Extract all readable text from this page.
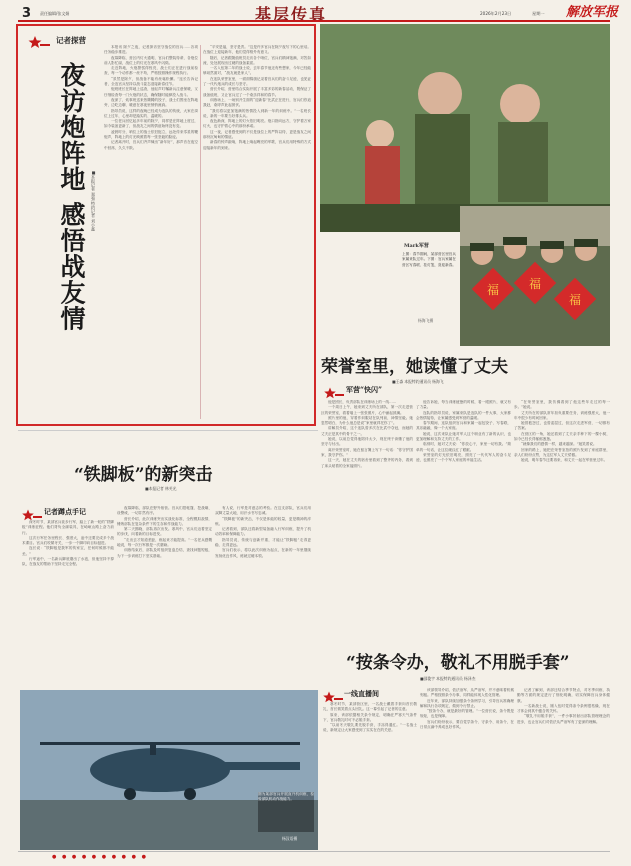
3 责任编辑/张文娟	基层传真	2026年2月23日	星期一 解放军报
记者探营
夜访炮阵地 感悟战友情 ■本报记者 郑强 特约记者 刘小鑫

本报讯 除夕之夜，记者探访坚守战位的官兵……各项任务稳步推进。

夜幕降临，营区内灯火通明，官兵们整装待命，各炮位前人影忙碌，战位上的灯光在寒风中闪烁。

走近阵地，火炮擦拭得锃亮，战士们正在进行战前检查，每一个动作都一丝不苟，严格按照操作规程执行。

“虽然是除夕，但战备不能有丝毫松懈。”连长告诉记者，全连官兵坚持以战斗姿态迎接新春佳节。

炮班班长在阵地上巡查，他轻声叮嘱新兵注意保暖，又仔细检查每一门火炮的状态，确保随时能够投入战斗。

夜深了，炊事班送来热腾腾的饺子，战士们围坐在阵地旁，边吃边聊，暖意在寒夜里悄悄流淌。

指导员说，这样的夜晚已经成为连队的传统，大家在岗位上过年，心里却是踏实的、温暖的。

一位老兵回忆起多年前的除夕，同样是在阵地上度过，如今装备更新了，但战友之间的情谊始终没有变。

凌晨时分，哨位上的战士依旧挺立，远处传来零星的鞭炮声，阵地上的灯光映照着每一张坚毅的脸庞。

记者离开时，官兵们齐声喊出“新年好”，那声音在夜空中回荡，久久不散。

“平安是福，坚守是责。”这是许多官兵在除夕夜写下的心里话。在战位上迎接新年，他们觉得格外有意义。

随后，记者跟随值班员走访各个哨位，官兵们精神饱满，对答如流，处处展现出过硬的战备素质。

一名入伍第二年的战士说，去年春节他还有些想家，今年已经能够坦然面对，“战友就是家人”。

在连队荣誉室里，一面面锦旗记录着官兵们的奋斗足迹，也见证了一代代炮兵的成长与坚守。

营长介绍，营里结合实际开展了丰富多彩的新春活动，既保证了战备值班，又让官兵过了一个欢乐祥和的春节。

训练场上，一场别开生面的“迎新春”比武正在进行，官兵们你追我赶，欢呼声此起彼伏。

“我们将以更加饱满的热情投入到新一年的训练中。”一名班长说，新的一年要当好排头兵。

夜色渐深，阵地上的灯火依旧明亮。炮口指向远方，守护着万家灯火，也守护着心中的那份承诺。

这一夜，记者感受到的不仅是战位上的严阵以待，更是战友之间那份沉甸甸的情谊。

新春的钟声敲响，阵地上响起嘹亮的军歌，官兵们用特殊的方式迎接新年的到来。

福 福
福
Mark军营
上图：春节期间，某部营区里官兵家属来队过年。下图：官兵家属在营区写春联、挂灯笼，喜迎新春。
杨海飞摄
荣誉室里，她读懂了丈夫
■王淼 本报特约通讯员 杨海飞
军营“快闪”

他是团长，负责部队在训练场上的一线……

一个周日上午，她来到丈夫所在部队，第一次走进营区的荣誉室，看着墙上一张张照片，心中涌起波澜。

照片里的他，穿着作训服站在队列前，神情坚毅。她忽然明白，为什么他总是说“家里就拜托你了”。

讲解员介绍，这个连队曾多次在比武中夺冠，而她的丈夫正是其中的骨干之一。

她说，以前总觉得他陪伴太少，现在终于读懂了他的坚守与付出。

离开荣誉室时，她在留言簿上写下一句话：“你守护国家，我守护你。”

这一天，她在丈夫的宿舍里看到了整齐的内务，看到了床头贴着的全家福照片。

他告诉她，每当训练疲惫的时候，看一眼照片，就又有了力量。

连队的指导员说，家属来队是连队的一件大事，大家都会热情接待，让家属感受到军营的温暖。

春节期间，连队组织官兵和家属一起包饺子、写春联，其乐融融，像一个大家庭。

她说，这次来队让她对军人这个职业有了新的认识，也更加理解和支持丈夫的工作。

临别时，她对丈夫说：“你放心干，家里一切有我。”简单的一句话，让这位硬汉红了眼眶。

荣誉室的灯光依旧明亮，照亮了一代代军人的奋斗足迹，也照亮了一个个军人家庭的幸福生活。

“在荣誉室里，我仿佛看到了他这些年走过的每一步。”她说。

丈夫所在的部队常年担负重要任务，训练强度大，他一年中很少有时间回家。

她曾抱怨过，也曾委屈过，但这次走进军营，一切都有了答案。

在营区的一角，她还看到了丈夫亲手种下的一棵小树，如今已经长得郁郁葱葱。

“就像我们的感情一样，越来越深。”她笑着说。

回家的路上，她把在荣誉室拍的照片发到了家庭群里，亲人们纷纷点赞，为这位军人丈夫骄傲。

她说，明年春节还要再来，和丈夫一起在军营里过年。

“铁脚板”的新突击
■本报记者 林芙光
记者蹲点手记

深冬时节，某部官兵徒步行军，踏上了新一轮的“铁脚板”训练征程。他们背负全副装具，在崎岖山路上奋力前行。

这次行军任务里程长、强度大，途中还要完成多个战术课目。官兵们咬紧牙关，一步一个脚印向目标挺进。

连长说：“铁脚板是我军的传家宝，任何时候都不能丢。”

行军途中，一名新兵脚底磨出了水泡，但他坚持不掉队，在战友的帮助下坚持走完全程。

夜幕降临，部队在野外宿营。官兵们搭帐篷、挖战壕、设警戒，一切井然有序。

营长介绍，此次训练突出实战化标准，全程模拟敌情，锤炼部队在复杂条件下的生存和作战能力。

第二天拂晓，部队再次出发。寒风中，官兵们迈着坚定的步伐，向着新的目标进发。

“走出去才知道差距，练起来才能提高。”一名老兵感慨地说，每一次行军都是一次磨砺。

训练结束后，部队及时组织复盘总结，查找问题短板，为下一步训练打下坚实基础。

有人说，行军是对意志的考验。在这支部队，官兵们用双脚丈量大地，用汗水书写忠诚。

“铁脚板”的新突击，不仅是体能的较量，更是精神的淬炼。

记者看到，部队还将新型装备融入行军训练，提升了机动效率和保障能力。

指导员说，传统与创新并重，才能让“铁脚板”走得更稳、走得更远。

官兵们表示，将以此次训练为起点，在新的一年里继续发扬优良作风，练就过硬本领。

图为某部官兵开展直升机训练，检验部队机动作战能力。
杨汉语摄
“按条令办，敬礼不用脱手套”
■邵俊宇 本报特约通讯员 杨泽杰
一线直播间

寒冬时节，某部营区里，一名战士戴着手套向首长敬礼，首长微笑着点头回礼。这一幕引起了记者的注意。

原来，该部依据相关条令规定，明确在严寒天气条件下，官兵敬礼时可不必脱手套。

“以前冬天敬礼要先脱手套，手冻得通红。”一名战士说，新规定让大家感受到了实实在在的关爱。

该部领导介绍，依法治军、从严治军，并不意味着机械刻板。严格按照条令办事，同样能体现人性化管理。

近年来，部队持续加强条令条例学习，引导官兵准确理解和执行各项规定，做到令行禁止。

“按条令办，就是最好的管理。”一位营长说，条令既是规矩，也是保障。

官兵们纷纷表示，要自觉学条令、守条令、用条令，在日常点滴中养成良好作风。

记者了解到，该部还结合季节特点，对冬季训练、执勤等方面的规定进行了细化明确，切实保障官兵身体健康。

一名新战士说，刚入伍时觉得条令条例很枯燥，现在才体会到其中蕴含的关怀。

“敬礼不用脱手套”，一件小事折射出部队管理理念的进步，也让官兵们对依法从严治军有了更深的理解。

● ● ● ● ● ● ● ● ● ●
